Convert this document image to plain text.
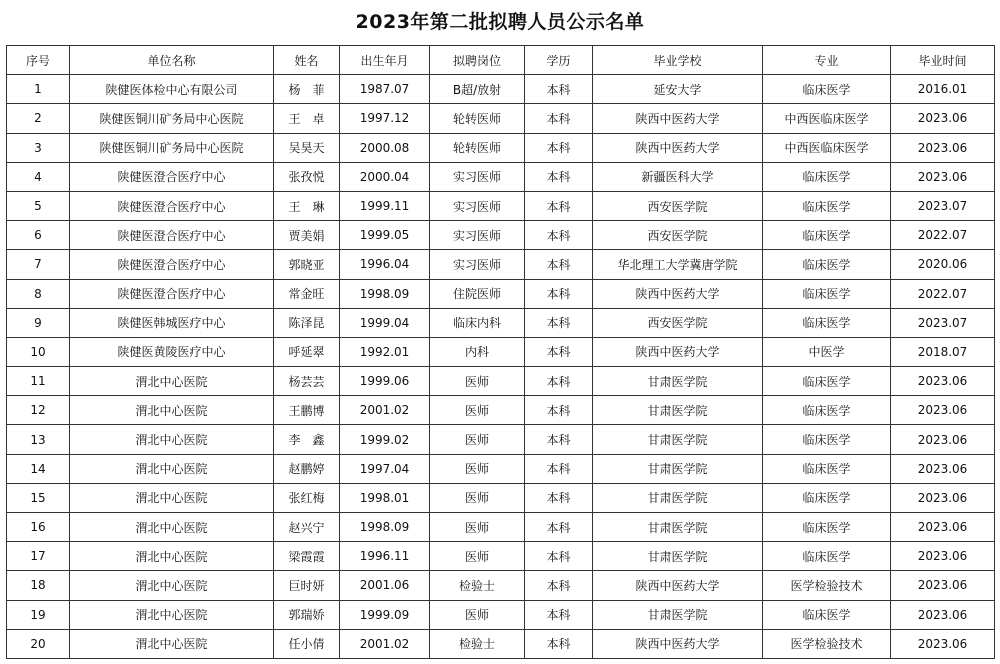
2023年第二批拟聘人员公示名单
序号	单位名称	姓名	出生年月	拟聘岗位	学历	毕业学校	专业	毕业时间
1	陕健医体检中心有限公司	杨　菲	1987.07	B超/放射	本科	延安大学	临床医学	2016.01
2	陕健医铜川矿务局中心医院	王　卓	1997.12	轮转医师	本科	陕西中医药大学	中西医临床医学	2023.06
3	陕健医铜川矿务局中心医院	吴昊天	2000.08	轮转医师	本科	陕西中医药大学	中西医临床医学	2023.06
4	陕健医澄合医疗中心	张孜悦	2000.04	实习医师	本科	新疆医科大学	临床医学	2023.06
5	陕健医澄合医疗中心	王　琳	1999.11	实习医师	本科	西安医学院	临床医学	2023.07
6	陕健医澄合医疗中心	贾美娟	1999.05	实习医师	本科	西安医学院	临床医学	2022.07
7	陕健医澄合医疗中心	郭晓亚	1996.04	实习医师	本科	华北理工大学冀唐学院	临床医学	2020.06
8	陕健医澄合医疗中心	常金旺	1998.09	住院医师	本科	陕西中医药大学	临床医学	2022.07
9	陕健医韩城医疗中心	陈泽昆	1999.04	临床内科	本科	西安医学院	临床医学	2023.07
10	陕健医黄陵医疗中心	呼延翠	1992.01	内科	本科	陕西中医药大学	中医学	2018.07
11	渭北中心医院	杨芸芸	1999.06	医师	本科	甘肃医学院	临床医学	2023.06
12	渭北中心医院	王鹏博	2001.02	医师	本科	甘肃医学院	临床医学	2023.06
13	渭北中心医院	李　鑫	1999.02	医师	本科	甘肃医学院	临床医学	2023.06
14	渭北中心医院	赵鹏婷	1997.04	医师	本科	甘肃医学院	临床医学	2023.06
15	渭北中心医院	张红梅	1998.01	医师	本科	甘肃医学院	临床医学	2023.06
16	渭北中心医院	赵兴宁	1998.09	医师	本科	甘肃医学院	临床医学	2023.06
17	渭北中心医院	梁霞霞	1996.11	医师	本科	甘肃医学院	临床医学	2023.06
18	渭北中心医院	巨时妍	2001.06	检验士	本科	陕西中医药大学	医学检验技术	2023.06
19	渭北中心医院	郭瑞娇	1999.09	医师	本科	甘肃医学院	临床医学	2023.06
20	渭北中心医院	任小倩	2001.02	检验士	本科	陕西中医药大学	医学检验技术	2023.06
